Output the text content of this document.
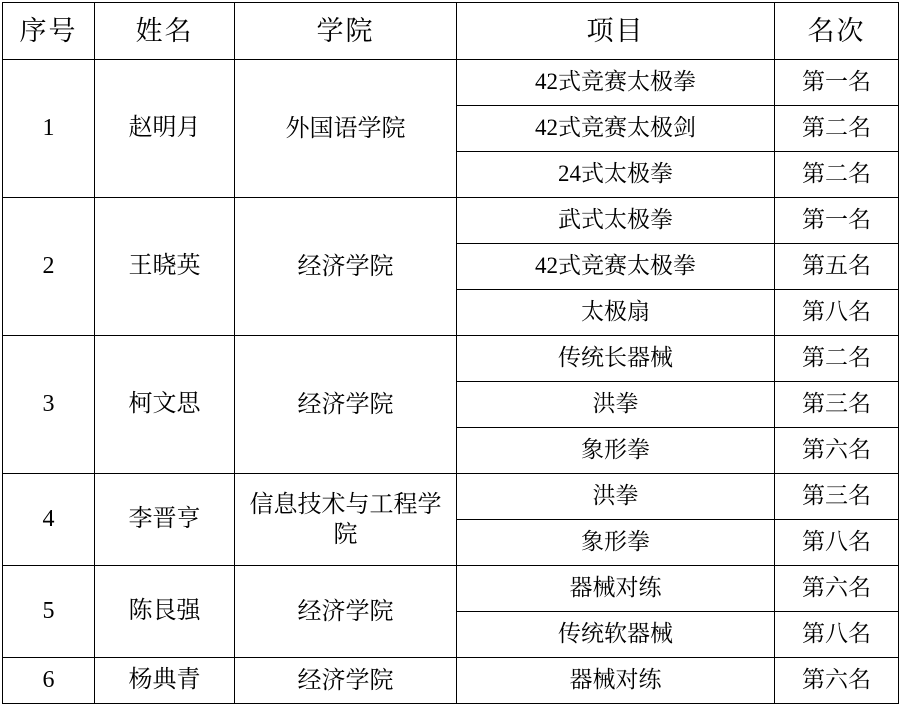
序号	姓名	学院	项目	名次
1	赵明月	外国语学院	42式竞赛太极拳	第一名
			42式竞赛太极剑	第二名
			24式太极拳	第二名
2	王晓英	经济学院	武式太极拳	第一名
			42式竞赛太极拳	第五名
			太极扇	第八名
3	柯文思	经济学院	传统长器械	第二名
			洪拳	第三名
			象形拳	第六名
4	李晋亨	信息技术与工程学院	洪拳	第三名
			象形拳	第八名
5	陈艮强	经济学院	器械对练	第六名
			传统软器械	第八名
6	杨典青	经济学院	器械对练	第六名
